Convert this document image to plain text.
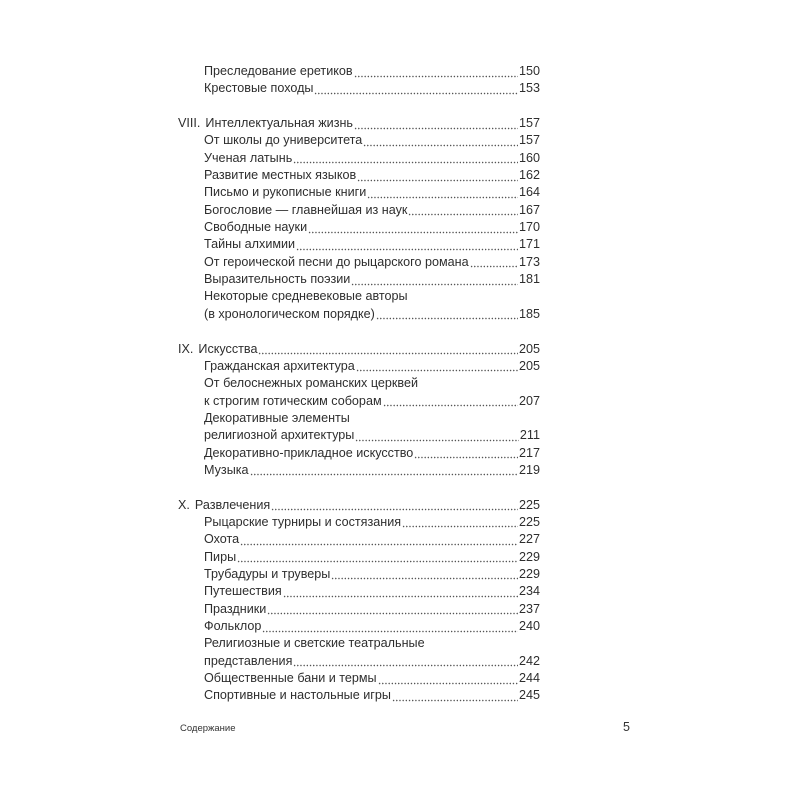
Преследование еретиков	150
Крестовые походы	153
VIII. Интеллектуальная жизнь	157
От школы до университета	157
Ученая латынь	160
Развитие местных языков	162
Письмо и рукописные книги	164
Богословие — главнейшая из наук	167
Свободные науки	170
Тайны алхимии	171
От героической песни до рыцарского романа	173
Выразительность поэзии	181
Некоторые средневековые авторы
(в хронологическом порядке)	185
IX. Искусства	205
Гражданская архитектура	205
От белоснежных романских церквей
к строгим готическим соборам	207
Декоративные элементы
религиозной архитектуры	211
Декоративно-прикладное искусство	217
Музыка	219
X. Развлечения	225
Рыцарские турниры и состязания	225
Охота	227
Пиры	229
Трубадуры и труверы	229
Путешествия	234
Праздники	237
Фольклор	240
Религиозные и светские театральные
представления	242
Общественные бани и термы	244
Спортивные и настольные игры	245
Содержание	5
